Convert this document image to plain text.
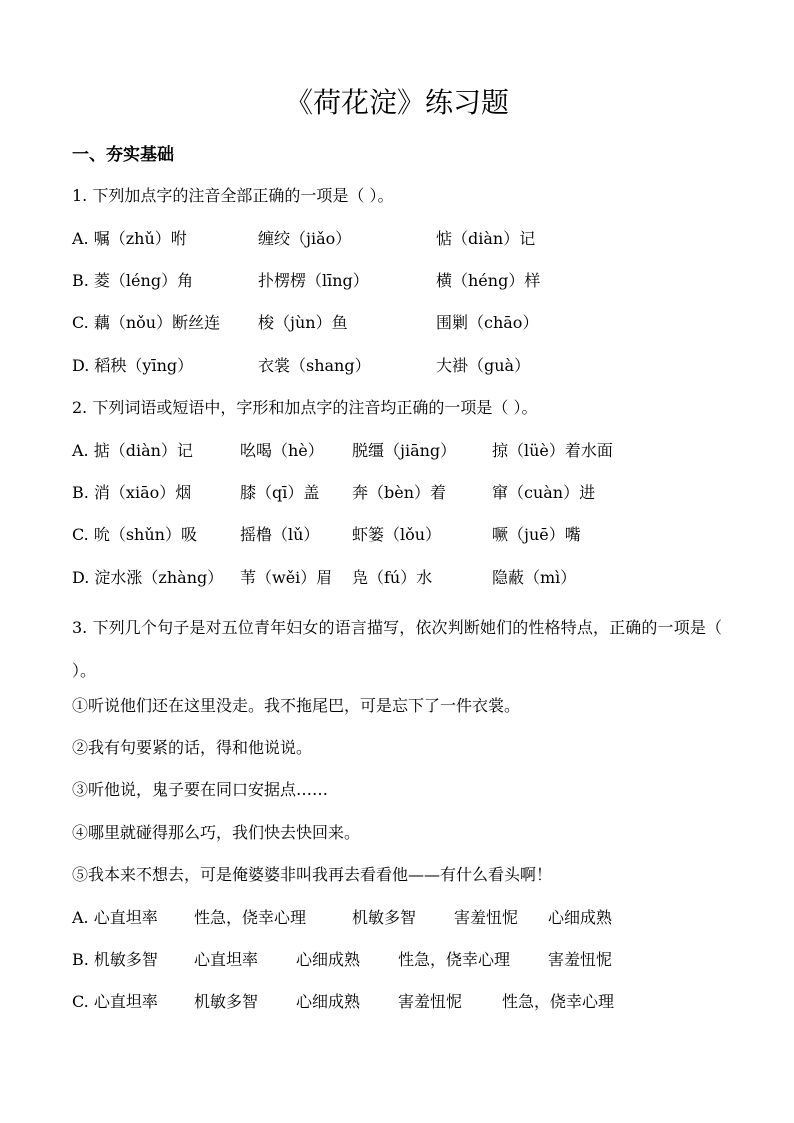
《荷花淀》练习题
一、夯实基础
1. 下列加点字的注音全部正确的一项是（ ）。
A. 嘱（zhǔ）咐	缠绞（jiǎo）	惦（diàn）记
B. 菱（léng）角	扑楞楞（līng）	横（héng）样
C. 藕（nǒu）断丝连 梭（jùn）鱼	围剿（chāo）
D. 稻秧（yīng）	衣裳（shang）	大褂（guà）
2. 下列词语或短语中，字形和加点字的注音均正确的一项是（ ）。
A. 掂（diàn）记	吆喝（hè） 脱缰（jiāng） 掠（lüè）着水面
B. 消（xiāo）烟	膝（qī）盖 奔（bèn）着	窜（cuàn）进
C. 吮（shǔn）吸	摇橹（lǔ） 虾篓（lǒu）	噘（juē）嘴
D. 淀水涨（zhàng） 苇（wěi）眉 凫（fú）水	隐蔽（mì）
3. 下列几个句子是对五位青年妇女的语言描写，依次判断她们的性格特点，正确的一项是（ ）。
①听说他们还在这里没走。我不拖尾巴，可是忘下了一件衣裳。
②我有句要紧的话，得和他说说。
③听他说，鬼子要在同口安据点……
④哪里就碰得那么巧，我们快去快回来。
⑤我本来不想去，可是俺婆婆非叫我再去看看他——有什么看头啊！
A. 心直坦率 性急，侥幸心理	机敏多智 害羞忸怩 心细成熟
B. 机敏多智 心直坦率 心细成熟 性急，侥幸心理 害羞忸怩
C. 心直坦率 机敏多智 心细成熟 害羞忸怩 性急，侥幸心理
